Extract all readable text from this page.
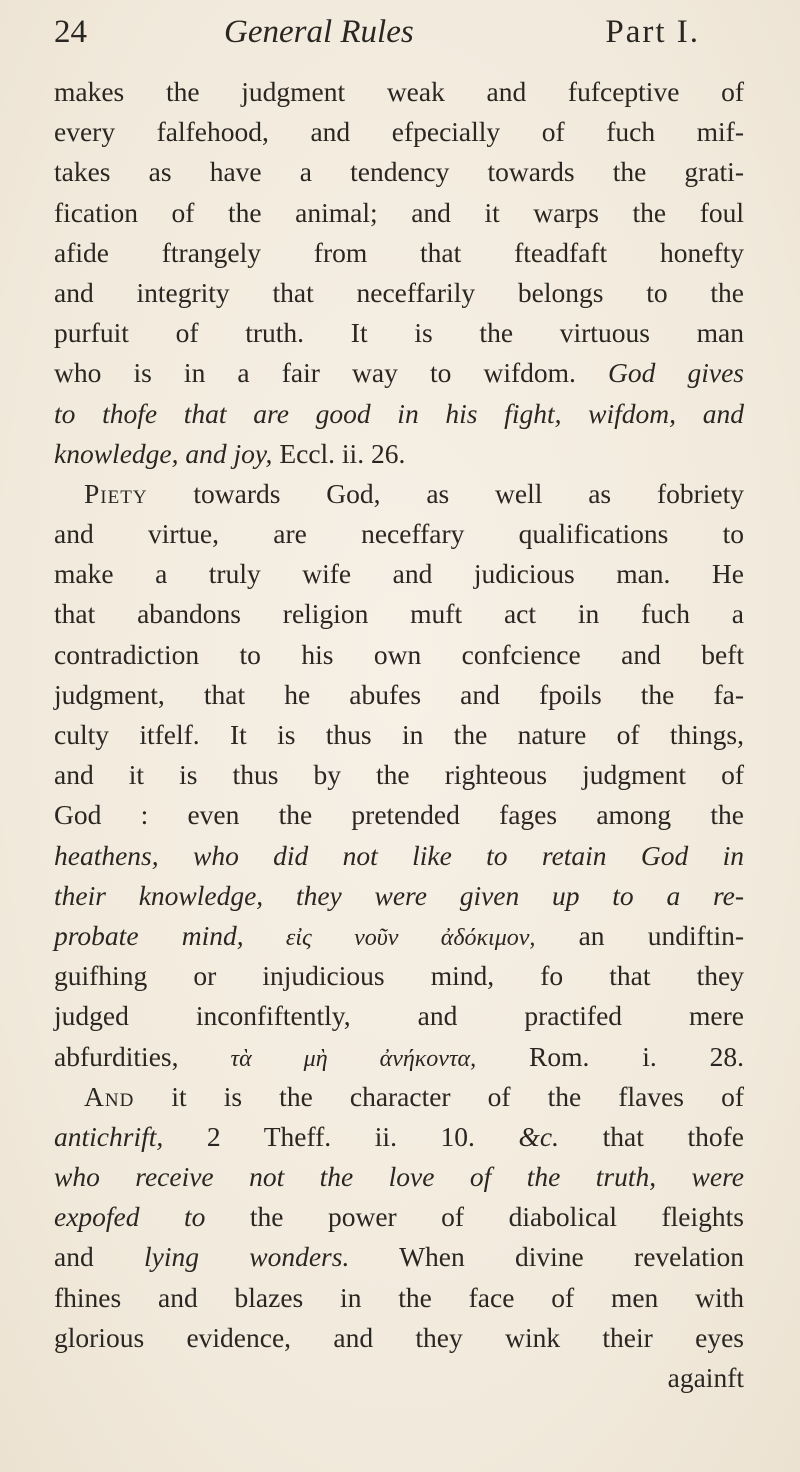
24	General Rules	Part I.
makes the judgment weak and fufceptive of
every falfehood, and efpecially of fuch mif-
takes as have a tendency towards the grati-
fication of the animal; and it warps the foul
afide ftrangely from that fteadfaft honefty
and integrity that neceffarily belongs to the
purfuit of truth. It is the virtuous man
who is in a fair way to wifdom. God gives
to thofe that are good in his fight, wifdom, and
knowledge, and joy, Eccl. ii. 26.
Piety towards God, as well as fobriety
and virtue, are neceffary qualifications to
make a truly wife and judicious man. He
that abandons religion muft act in fuch a
contradiction to his own confcience and beft
judgment, that he abufes and fpoils the fa-
culty itfelf. It is thus in the nature of things,
and it is thus by the righteous judgment of
God : even the pretended fages among the
heathens, who did not like to retain God in
their knowledge, they were given up to a re-
probate mind, εἰς νοῦν ἀδόκιμον, an undiftin-
guifhing or injudicious mind, fo that they
judged inconfiftently, and practifed mere
abfurdities, τὰ μὴ ἀνήκοντα, Rom. i. 28.
And it is the character of the flaves of
antichrift, 2 Theff. ii. 10. &c. that thofe
who receive not the love of the truth, were
expofed to the power of diabolical fleights
and lying wonders. When divine revelation
fhines and blazes in the face of men with
glorious evidence, and they wink their eyes
againft
